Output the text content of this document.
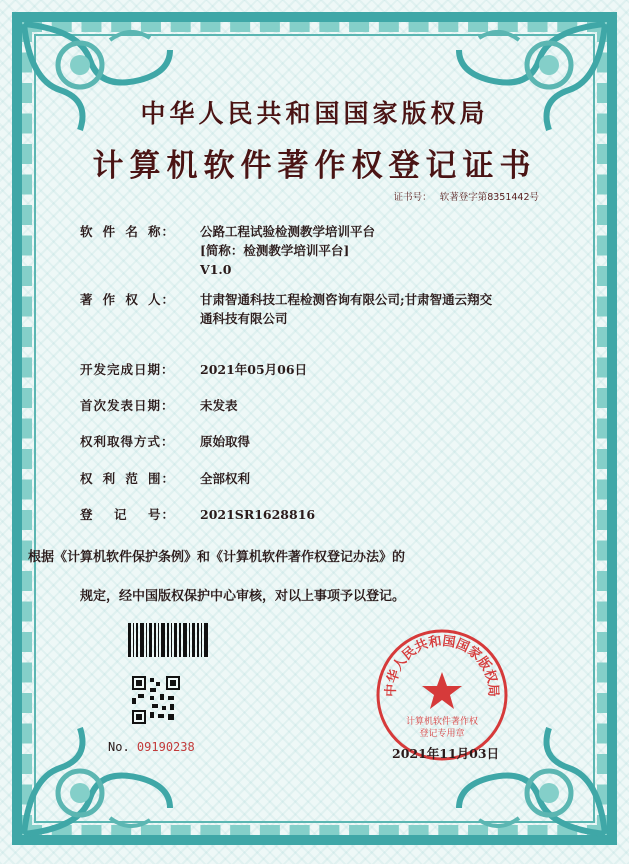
中华人民共和国国家版权局
计算机软件著作权登记证书
证书号： 软著登字第8351442号
软 件 名 称： 公路工程试验检测教学培训平台
[简称：检测教学培训平台]
V1.0
著 作 权 人： 甘肃智通科技工程检测咨询有限公司;甘肃智通云翔交
通科技有限公司
开发完成日期：	2021年05月06日
首次发表日期：	未发表
权利取得方式：	原始取得
权 利 范 围： 全部权利
登 记 号： 2021SR1628816
根据《计算机软件保护条例》和《计算机软件著作权登记办法》的
规定，经中国版权保护中心审核，对以上事项予以登记。
No. 09190238
中华人民共和国国家版权局
计算机软件著作权
登记专用章
2021年11月03日
